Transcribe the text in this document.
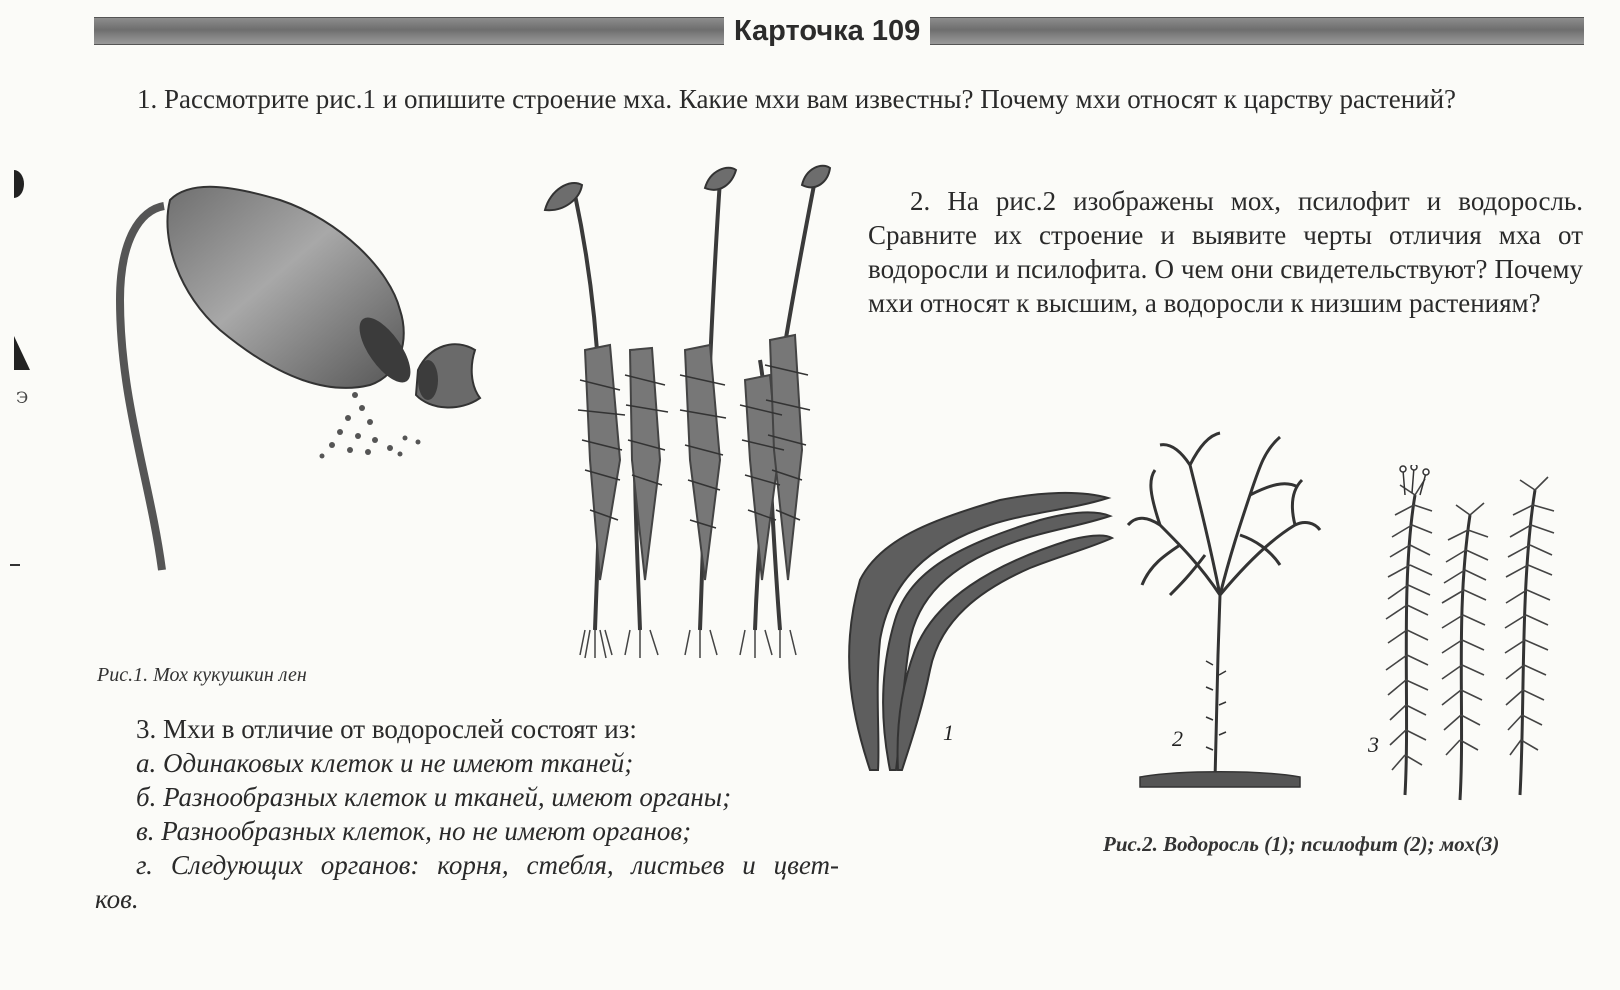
Карточка 109
Э
1. Рассмотрите рис.1 и опишите строение мха. Какие мхи вам известны? Почему мхи относят к царству растений?
2. На рис.2 изображены мох, псилофит и водоросль. Сравните их строение и выявите черты отличия мха от водоросли и псилофита. О чем они свидетельствуют? Почему мхи относят к высшим, а водоросли к низшим растениям?
Рис.1. Мох кукушкин лен
1	2	3
Рис.2. Водоросль (1); псилофит (2); мох(3)
3. Мхи в отличие от водорослей состоят из:
а. Одинаковых клеток и не имеют тканей;
б. Разнообразных клеток и тканей, имеют органы;
в. Разнообразных клеток, но не имеют органов;
г. Следующих органов: корня, стебля, листьев и цвет-
ков.
